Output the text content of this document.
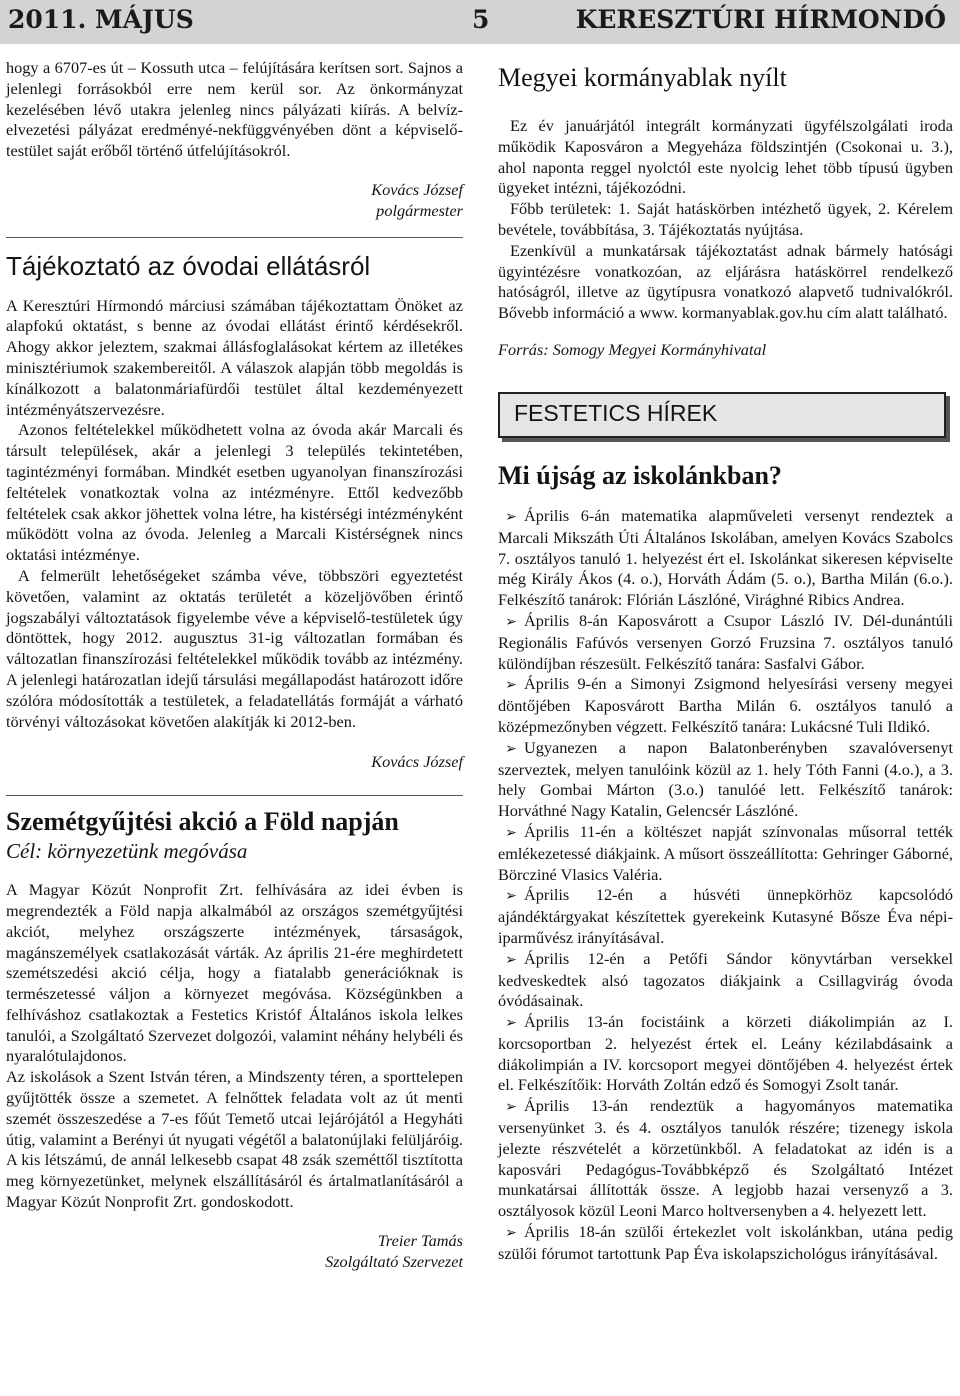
2011. MÁJUS	5	KERESZTÚRI HÍRMONDÓ

hogy a 6707-es út – Kossuth utca – felújítására kerítsen sort. Sajnos a jelenlegi forrásokból erre nem kerül sor. Az önkormányzat kezelésében lévő utakra jelenleg nincs pályázati kiírás. A belvíz-elvezetési pályázat eredményé-nekfüggvényében dönt a képviselő-testület saját erőből történő útfelújításokról.

Kovács József
polgármester
Tájékoztató az óvodai ellátásról

A Keresztúri Hírmondó márciusi számában tájékoztattam Önöket az alapfokú oktatást, s benne az óvodai ellátást érintő kérdésekről. Ahogy akkor jeleztem, szakmai állásfoglalásokat kértem az illetékes minisztériumok szakembereitől. A válaszok alapján több megoldás is kínálkozott a balatonmáriafürdői testület által kezdeményezett intézményátszervezésre.

Azonos feltételekkel működhetett volna az óvoda akár Marcali és társult települések, akár a jelenlegi 3 település tekintetében, tagintézményi formában. Mindkét esetben ugyanolyan finanszírozási feltételek vonatkoztak volna az intézményre. Ettől kedvezőbb feltételek csak akkor jöhettek volna létre, ha kistérségi intézményként működött volna az óvoda. Jelenleg a Marcali Kistérségnek nincs oktatási intézménye.

A felmerült lehetőségeket számba véve, többszöri egyeztetést követően, valamint az oktatás területét a közeljövőben érintő jogszabályi változtatások figyelembe véve a képviselő-testületek úgy döntöttek, hogy 2012. augusztus 31-ig változatlan formában és változatlan finanszírozási feltételekkel működik tovább az intézmény. A jelenlegi határozatlan idejű társulási megállapodást határozott időre szólóra módosították a testületek, a feladatellátás formáját a várható törvényi változásokat követően alakítják ki 2012-ben.

Kovács József
Szemétgyűjtési akció a Föld napján
Cél: környezetünk megóvása

A Magyar Közút Nonprofit Zrt. felhívására az idei évben is megrendezték a Föld napja alkalmából az országos szemétgyűjtési akciót, melyhez országszerte intézmények, társaságok, magánszemélyek csatlakozását várták. Az április 21-ére meghirdetett szemétszedési akció célja, hogy a fiatalabb generációknak is természetessé váljon a környezet megóvása. Községünkben a felhíváshoz csatlakoztak a Festetics Kristóf Általános iskola lelkes tanulói, a Szolgáltató Szervezet dolgozói, valamint néhány helybéli és nyaralótulajdonos.

Az iskolások a Szent István téren, a Mindszenty téren, a sporttelepen gyűjtötték össze a szemetet. A felnőttek feladata volt az út menti szemét összeszedése a 7-es főút Temető utcai lejárójától a Hegyháti útig, valamint a Berényi út nyugati végétől a balatonújlaki felüljáróig. A kis létszámú, de annál lelkesebb csapat 48 zsák szeméttől tisztította meg környezetünket, melynek elszállításáról és ártalmatlanításáról a Magyar Közút Nonprofit Zrt. gondoskodott.

Treier Tamás
Szolgáltató Szervezet
Megyei kormányablak nyílt

Ez év januárjától integrált kormányzati ügyfélszolgálati iroda működik Kaposváron a Megyeháza földszintjén (Csokonai u. 3.), ahol naponta reggel nyolctól este nyolcig lehet több típusú ügyben ügyeket intézni, tájékozódni.

Főbb területek: 1. Saját hatáskörben intézhető ügyek, 2. Kérelem bevétele, továbbítása, 3. Tájékoztatás nyújtása.

Ezenkívül a munkatársak tájékoztatást adnak bármely hatósági ügyintézésre vonatkozóan, az eljárásra hatáskörrel rendelkező hatóságról, illetve az ügytípusra vonatkozó alapvető tudnivalókról. Bővebb információ a www. kormanyablak.gov.hu cím alatt található.

Forrás: Somogy Megyei Kormányhivatal
FESTETICS HÍREK
Mi újság az iskolánkban?

➢ Április 6-án matematika alapműveleti versenyt rendeztek a Marcali Mikszáth Úti Általános Iskolában, amelyen Kovács Szabolcs 7. osztályos tanuló 1. helyezést ért el. Iskolánkat sikeresen képviselte még Király Ákos (4. o.), Horváth Ádám (5. o.), Bartha Milán (6.o.). Felkészítő tanárok: Flórián Lászlóné, Virághné Ribics Andrea.

➢ Április 8-án Kaposvárott a Csupor László IV. Dél-dunántúli Regionális Fafúvós versenyen Gorzó Fruzsina 7. osztályos tanuló különdíjban részesült. Felkészítő tanára: Sasfalvi Gábor.

➢ Április 9-én a Simonyi Zsigmond helyesírási verseny megyei döntőjében Kaposvárott Bartha Milán 6. osztályos tanuló a középmezőnyben végzett. Felkészítő tanára: Lukácsné Tuli Ildikó.

➢ Ugyanezen a napon Balatonberényben szavalóversenyt szerveztek, melyen tanulóink közül az 1. hely Tóth Fanni (4.o.), a 3. hely Gombai Márton (3.o.) tanulóé lett. Felkészítő tanárok: Horváthné Nagy Katalin, Gelencsér Lászlóné.

➢ Április 11-én a költészet napját színvonalas műsorral tették emlékezetessé diákjaink. A műsort összeállította: Gehringer Gáborné, Börcziné Vlasics Valéria.

➢ Április 12-én a húsvéti ünnepkörhöz kapcsolódó ajándéktárgyakat készítettek gyerekeink Kutasyné Bősze Éva népi-iparművész irányításával.

➢ Április 12-én a Petőfi Sándor könyvtárban versekkel kedveskedtek alsó tagozatos diákjaink a Csillagvirág óvoda óvódásainak.

➢ Április 13-án focistáink a körzeti diákolimpián az I. korcsoportban 2. helyezést értek el. Leány kézilabdásaink a diákolimpián a IV. korcsoport megyei döntőjében 4. helyezést értek el. Felkészítőik: Horváth Zoltán edző és Somogyi Zsolt tanár.

➢ Április 13-án rendeztük a hagyományos matematika versenyünket 3. és 4. osztályos tanulók részére; tizenegy iskola jelezte részvételét a körzetünkből. A feladatokat az idén is a kaposvári Pedagógus-Továbbképző és Szolgáltató Intézet munkatársai állították össze. A legjobb hazai versenyző a 3. osztályosok közül Leoni Marco holtversenyben a 4. helyezett lett.

➢ Április 18-án szülői értekezlet volt iskolánkban, utána pedig szülői fórumot tartottunk Pap Éva iskolapszichológus irányításával.
